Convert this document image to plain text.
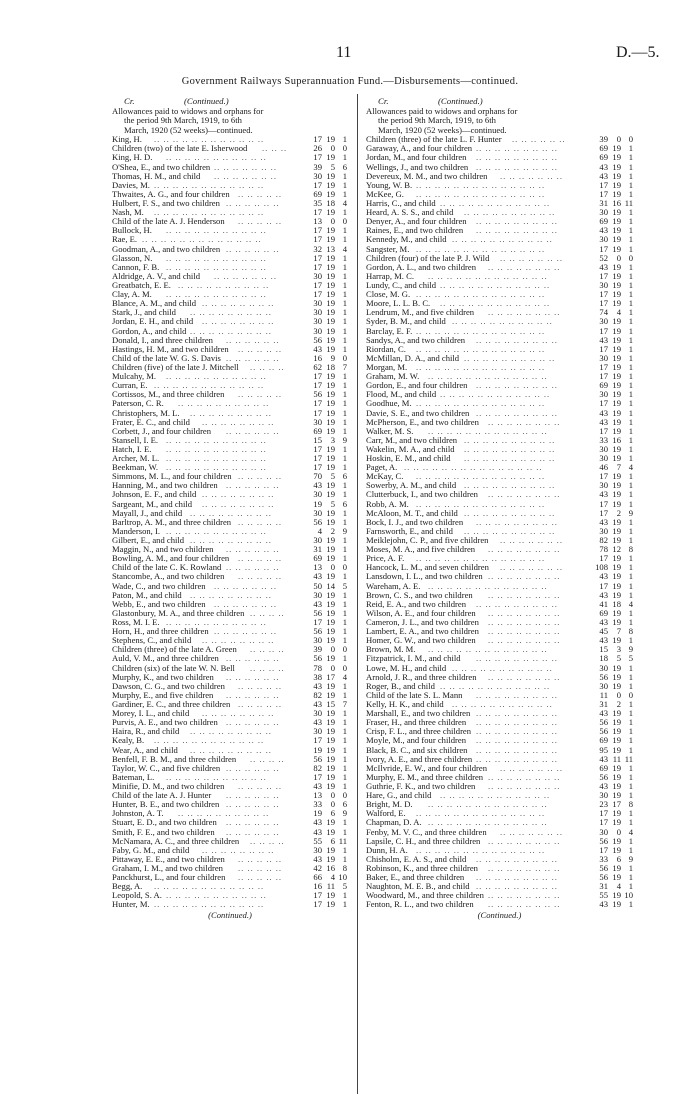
11	D.—5.
Government Railways Superannuation Fund.—Disbursements—continued.
Cr.	(Continued.)
Allowances paid to widows and orphans for
the period 9th March, 1919, to 6th
March, 1920 (52 weeks)—continued.
King, H. .. .. .. .. .. .. .. .. .. .. .. ..	17 19 1
Children (two) of the late E. Isherwood .. .. ..	26	0 0
King, H. D. .. .. .. .. .. .. .. .. .. .. ..	17 19 1
O'Shea, E., and two children .. .. .. .. .. .. ..	39	5 6
Thomas, H. M., and child .. .. .. .. .. .. ..	30 19 1
Davies, M. .. .. .. .. .. .. .. .. .. .. .. ..	17 19 1
Thwaites, A. G., and four children .. .. .. .. ..	69 19 1
Hulbert, F. S., and two children .. .. .. .. .. ..	35 18 4
Nash, M. .. .. .. .. .. .. .. .. .. .. .. ..	17 19 1
Child of the late A. J. Henderson .. .. .. .. ..	13	0 0
Bullock, H. .. .. .. .. .. .. .. .. .. .. ..	17 19 1
Rae, E. .. .. .. .. .. .. .. .. .. .. .. .. ..	17 19 1
Goodman, A., and two children .. .. .. .. .. ..	32 13 4
Glasson, N. .. .. .. .. .. .. .. .. .. .. ..	17 19 1
Cannon, F. B. .. .. .. .. .. .. .. .. .. .. ..	17 19 1
Aldridge, A. V., and child .. .. .. .. .. .. ..	30 19 1
Greatbatch, E. E. .. .. .. .. .. .. .. .. .. ..	17 19 1
Clay, A. M. .. .. .. .. .. .. .. .. .. .. ..	17 19 1
Blance, A. M., and child .. .. .. .. .. .. .. ..	30 19 1
Stark, J., and child .. .. .. .. .. .. .. .. ..	30 19 1
Jordan, E. H., and child .. .. .. .. .. .. .. ..	30 19 1
Gordon, A., and child .. .. .. .. .. .. .. .. ..	30 19 1
Donald, I., and three children .. .. .. .. .. ..	56 19 1
Hastings, H. M., and two children .. .. .. .. ..	43 19 1
Child of the late W. G. S. Davis .. .. .. .. .. ..	16	9 0
Children (five) of the late J. Mitchell .. .. .. ..	62 18 7
Mulcahy, M. .. .. .. .. .. .. .. .. .. .. ..	17 19 1
Curran, E. .. .. .. .. .. .. .. .. .. .. .. ..	17 19 1
Cortissos, M., and three children .. .. .. .. ..	56 19 1
Paterson, C. R. .. .. .. .. .. .. .. .. .. ..	17 19 1
Christophers, M. L. .. .. .. .. .. .. .. .. ..	17 19 1
Frater, E. C., and child .. .. .. .. .. .. .. ..	30 19 1
Corbett, J., and four children .. .. .. .. .. ..	69 19 1
Stansell, I. E. .. .. .. .. .. .. .. .. .. .. ..	15	3 9
Hatch, I. E. .. .. .. .. .. .. .. .. .. .. ..	17 19 1
Archer, M. L. .. .. .. .. .. .. .. .. .. .. ..	17 19 1
Beekman, W. .. .. .. .. .. .. .. .. .. .. ..	17 19 1
Simmons, M. L., and four children .. .. .. .. ..	70	5 6
Hanning, M., and two children .. .. .. .. .. ..	43 19 1
Johnson, E. F., and child .. .. .. .. .. .. .. ..	30 19 1
Sargeant, M., and child .. .. .. .. .. .. .. ..	19	5 6
Mayall, J., and child .. .. .. .. .. .. .. .. ..	30 19 1
Barltrop, A. M., and three children .. .. .. .. ..	56 19 1
Manderson, I. .. .. .. .. .. .. .. .. .. .. ..	4	2 9
Gilbert, E., and child .. .. .. .. .. .. .. .. ..	30 19 1
Maggin, N., and two children .. .. .. .. .. ..	31 19 1
Bowling, A. M., and four children .. .. .. .. ..	69 19 1
Child of the late C. K. Rowland .. .. .. .. .. ..	13	0 0
Stancombe, A., and two children .. .. .. .. ..	43 19 1
Wade, C., and two children .. .. .. .. .. .. ..	50 14 5
Paton, M., and child .. .. .. .. .. .. .. .. ..	30 19 1
Webb, E., and two children .. .. .. .. .. .. ..	43 19 1
Glastonbury, M. A., and three children .. .. .. ..	56 19 1
Ross, M. I. E. .. .. .. .. .. .. .. .. .. .. ..	17 19 1
Horn, H., and three children .. .. .. .. .. .. ..	56 19 1
Stephens, C., and child .. .. .. .. .. .. .. ..	30 19 1
Children (three) of the late A. Green .. .. .. ..	39	0 0
Auld, V. M., and three children .. .. .. .. .. ..	56 19 1
Children (six) of the late W. N. Bell .. .. .. ..	78	0 0
Murphy, K., and two children .. .. .. .. .. ..	38 17 4
Dawson, C. G., and two children .. .. .. .. ..	43 19 1
Murphy, E., and five children .. .. .. .. .. ..	82 19 1
Gardiner, E. C., and three children .. .. .. .. ..	43 15 7
Morey, I. L., and child .. .. .. .. .. .. .. ..	30 19 1
Purvis, A. E., and two children .. .. .. .. .. ..	43 19 1
Haira, R., and child .. .. .. .. .. .. .. .. ..	30 19 1
Kealy, B. .. .. .. .. .. .. .. .. .. .. .. ..	17 19 1
Wear, A., and child .. .. .. .. .. .. .. .. ..	19 19 1
Benfell, F. B. M., and three children .. .. .. ..	56 19 1
Taylor, W. C., and five children .. .. .. .. .. ..	82 19 1
Bateman, L. .. .. .. .. .. .. .. .. .. .. ..	17 19 1
Minifie, D. M., and two children .. .. .. .. ..	43 19 1
Child of the late A. J. Hunter .. .. .. .. .. ..	13	0 0
Hunter, B. E., and two children .. .. .. .. .. ..	33	0 6
Johnston, A. T. .. .. .. .. .. .. .. .. .. ..	19	6 9
Stuart, E. D., and two children .. .. .. .. .. ..	43 19 1
Smith, F. E., and two children .. .. .. .. .. ..	43 19 1
McNamara, A. C., and three children .. .. .. ..	55	6 11
Faby, G. M., and child .. .. .. .. .. .. .. ..	30 19 1
Pittaway, E. E., and two children .. .. .. .. ..	43 19 1
Graham, I. M., and two children .. .. .. .. ..	42 16 8
Panckhurst, L., and four children .. .. .. .. ..	66	4 10
Begg, A. .. .. .. .. .. .. .. .. .. .. .. ..	16 11 5
Leopold, S. A. .. .. .. .. .. .. .. .. .. .. ..	17 19 1
Hunter, M. .. .. .. .. .. .. .. .. .. .. .. ..	17 19 1
(Continued.)
Cr.	(Continued.)
Allowances paid to widows and orphans for
the period 9th March, 1919, to 6th
March, 1920 (52 weeks)—continued.
Children (three) of the late L. F. Hunter .. .. .. .. .. ..	39	0 0
Garaway, A., and four children .. .. .. .. .. .. .. .. ..	69 19 1
Jordan, M., and four children .. .. .. .. .. .. .. .. ..	69 19 1
Wellings, J., and two children .. .. .. .. .. .. .. .. ..	43 19 1
Devereux, M. M., and two children .. .. .. .. .. .. ..	43 19 1
Young, W. B. .. .. .. .. .. .. .. .. .. .. .. .. .. ..	17 19 1
McKee, G. .. .. .. .. .. .. .. .. .. .. .. .. .. ..	17 19 1
Harris, C., and child .. .. .. .. .. .. .. .. .. .. .. ..	31 16 11
Heard, A. S. S., and child .. .. .. .. .. .. .. .. .. ..	30 19 1
Denyer, A., and four children .. .. .. .. .. .. .. .. ..	69 19 1
Raines, E., and two children .. .. .. .. .. .. .. .. ..	43 19 1
Kennedy, M., and child .. .. .. .. .. .. .. .. .. .. ..	30 19 1
Sangster, M. .. .. .. .. .. .. .. .. .. .. .. .. .. ..	17 19 1
Children (four) of the late P. J. Wild .. .. .. .. .. .. ..	52	0 0
Gordon, A. L., and two children .. .. .. .. .. .. .. ..	43 19 1
Harrap, M. C. .. .. .. .. .. .. .. .. .. .. .. .. ..	17 19 1
Lundy, C., and child .. .. .. .. .. .. .. .. .. .. .. ..	30 19 1
Close, M. G. .. .. .. .. .. .. .. .. .. .. .. .. .. ..	17 19 1
Moore, L. L. B. C. .. .. .. .. .. .. .. .. .. .. .. ..	17 19 1
Lendrum, M., and five children .. .. .. .. .. .. .. ..	74	4 1
Syder, B. M., and child .. .. .. .. .. .. .. .. .. .. ..	30 19 1
Barclay, E. F. .. .. .. .. .. .. .. .. .. .. .. .. .. ..	17 19 1
Sandys, A., and two children .. .. .. .. .. .. .. .. ..	43 19 1
Riordan, C. .. .. .. .. .. .. .. .. .. .. .. .. .. ..	17 19 1
McMillan, D. A., and child .. .. .. .. .. .. .. .. .. ..	30 19 1
Morgan, M. .. .. .. .. .. .. .. .. .. .. .. .. .. ..	17 19 1
Graham, M. W. .. .. .. .. .. .. .. .. .. .. .. .. ..	17 19 1
Gordon, E., and four children .. .. .. .. .. .. .. .. ..	69 19 1
Flood, M., and child .. .. .. .. .. .. .. .. .. .. .. ..	30 19 1
Goodhue, M. .. .. .. .. .. .. .. .. .. .. .. .. .. ..	17 19 1
Davie, S. E., and two children .. .. .. .. .. .. .. .. ..	43 19 1
McPherson, E., and two children .. .. .. .. .. .. .. ..	43 19 1
Walker, M. S. .. .. .. .. .. .. .. .. .. .. .. .. ..	17 19 1
Carr, M., and two children .. .. .. .. .. .. .. .. .. ..	33 16 1
Wakelin, M. A., and child .. .. .. .. .. .. .. .. .. ..	30 19 1
Hoskin, E. M., and child .. .. .. .. .. .. .. .. .. ..	30 19 1
Paget, A. .. .. .. .. .. .. .. .. .. .. .. .. .. .. ..	46	7 4
McKay, C. .. .. .. .. .. .. .. .. .. .. .. .. .. ..	17 19 1
Sowerby, A. M., and child .. .. .. .. .. .. .. .. .. ..	30 19 1
Clutterbuck, I., and two children .. .. .. .. .. .. .. ..	43 19 1
Robb, A. M. .. .. .. .. .. .. .. .. .. .. .. .. .. ..	17 19 1
McAloon, M. T., and child .. .. .. .. .. .. .. .. .. ..	17	2 9
Bock, I. J., and two children .. .. .. .. .. .. .. .. ..	43 19 1
Farnsworth, E., and child .. .. .. .. .. .. .. .. .. ..	30 19 1
Meiklejohn, C. P., and five children .. .. .. .. .. .. ..	82 19 1
Moses, M. A., and five children .. .. .. .. .. .. .. ..	78 12 8
Price, A. F. .. .. .. .. .. .. .. .. .. .. .. .. .. ..	17 19 1
Hancock, L. M., and seven children .. .. .. .. .. .. ..	108 19 1
Lansdown, I. L., and two children .. .. .. .. .. .. .. ..	43 19 1
Wareham, A. E. .. .. .. .. .. .. .. .. .. .. .. .. ..	17 19 1
Brown, C. S., and two children .. .. .. .. .. .. .. ..	43 19 1
Reid, E. A., and two children .. .. .. .. .. .. .. .. ..	41 18 4
Wilson, A. E., and four children .. .. .. .. .. .. .. ..	69 19 1
Cameron, J. L., and two children .. .. .. .. .. .. .. ..	43 19 1
Lambert, E. A., and two children .. .. .. .. .. .. .. ..	45	7 8
Homer, G. W., and two children .. .. .. .. .. .. .. ..	43 19 1
Brown, M. M. .. .. .. .. .. .. .. .. .. .. .. .. ..	15	3 9
Fitzpatrick, I. M., and child .. .. .. .. .. .. .. .. ..	18	5 5
Lowe, M. H., and child .. .. .. .. .. .. .. .. .. .. ..	30 19 1
Arnold, J. R., and three children .. .. .. .. .. .. .. ..	56 19 1
Roger, B., and child .. .. .. .. .. .. .. .. .. .. .. ..	30 19 1
Child of the late S. L. Mann .. .. .. .. .. .. .. .. ..	11	0 0
Kelly, H. K., and child .. .. .. .. .. .. .. .. .. .. ..	31	2 1
Marshall, E., and two children .. .. .. .. .. .. .. .. ..	43 19 1
Fraser, H., and three children .. .. .. .. .. .. .. .. ..	56 19 1
Crisp, F. L., and three children .. .. .. .. .. .. .. .. ..	56 19 1
Moyle, M., and four children .. .. .. .. .. .. .. .. ..	69 19 1
Black, B. C., and six children .. .. .. .. .. .. .. .. ..	95 19 1
Ivory, A. E., and three children .. .. .. .. .. .. .. .. ..	43 11 11
McIlvride, E. W., and four children .. .. .. .. .. .. ..	69 19 1
Murphy, E. M., and three children .. .. .. .. .. .. .. ..	56 19 1
Guthrie, F. K., and two children .. .. .. .. .. .. .. ..	43 19 1
Hare, G., and child .. .. .. .. .. .. .. .. .. .. .. ..	30 19 1
Bright, M. D. .. .. .. .. .. .. .. .. .. .. .. .. ..	23 17 8
Walford, E. .. .. .. .. .. .. .. .. .. .. .. .. .. ..	17 19 1
Chapman, D. A. .. .. .. .. .. .. .. .. .. .. .. .. ..	17 19 1
Fenby, M. V. C., and three children .. .. .. .. .. .. ..	30	0 4
Lapsile, C. H., and three children .. .. .. .. .. .. .. ..	56 19 1
Dunn, H. A. .. .. .. .. .. .. .. .. .. .. .. .. .. ..	17 19 1
Chisholm, E. A. S., and child .. .. .. .. .. .. .. .. ..	33	6 9
Robinson, K., and three children .. .. .. .. .. .. .. ..	56 19 1
Baker, E., and three children .. .. .. .. .. .. .. .. ..	56 19 1
Naughton, M. E. B., and child .. .. .. .. .. .. .. .. ..	31	4 1
Woodward, M., and three children .. .. .. .. .. .. .. ..	55 19 10
Fenton, R. L., and two children .. .. .. .. .. .. .. ..	43 19 1
(Continued.)
